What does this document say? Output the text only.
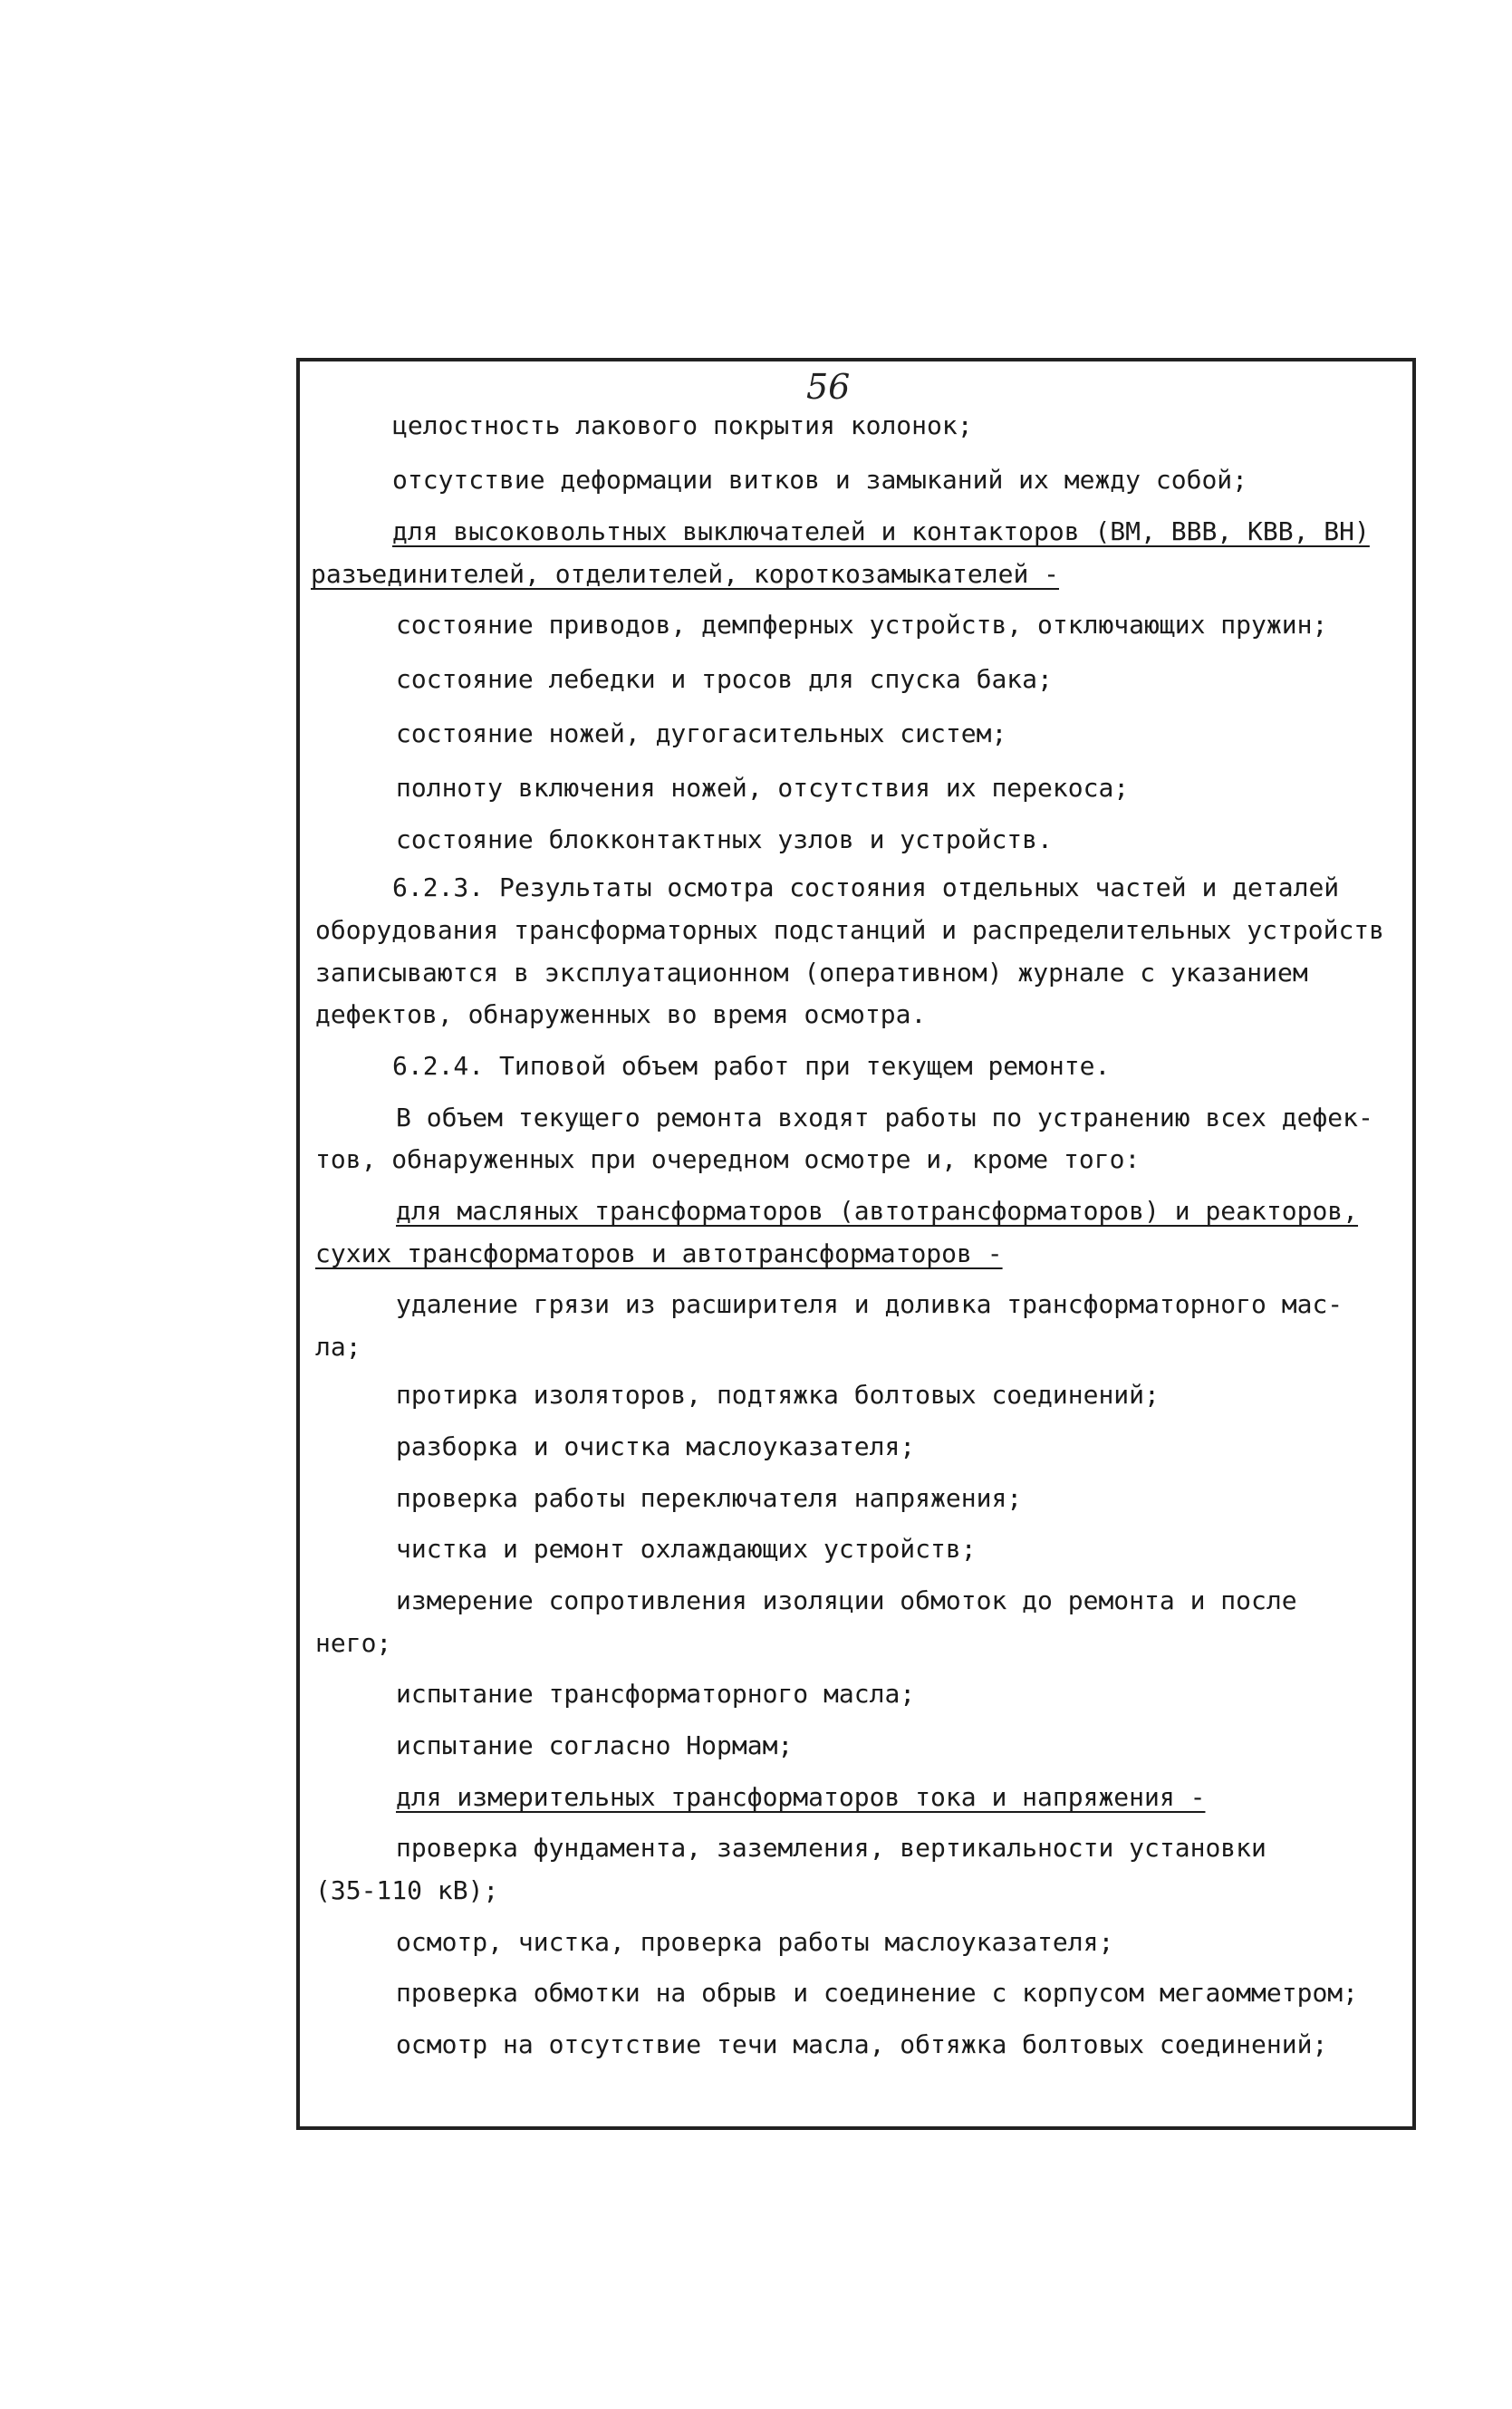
56
целостность лакового покрытия колонок;
отсутствие деформации витков и замыканий их между собой;
для высоковольтных выключателей и контакторов (ВМ, ВВВ, КВВ, ВН)
разъединителей, отделителей, короткозамыкателей -
состояние приводов, демпферных устройств, отключающих пружин;
состояние лебедки и тросов для спуска бака;
состояние ножей, дугогасительных систем;
полноту включения ножей, отсутствия их перекоса;
состояние блокконтактных узлов и устройств.
6.2.3. Результаты осмотра состояния отдельных частей и деталей
оборудования трансформаторных подстанций и распределительных устройств
записываются в эксплуатационном (оперативном) журнале с указанием
дефектов, обнаруженных во время осмотра.
6.2.4. Типовой объем работ при текущем ремонте.
В объем текущего ремонта входят работы по устранению всех дефек-
тов, обнаруженных при очередном осмотре и, кроме того:
для масляных трансформаторов (автотрансформаторов) и реакторов,
сухих трансформаторов и автотрансформаторов -
удаление грязи из расширителя и доливка трансформаторного мас-
ла;
протирка изоляторов, подтяжка болтовых соединений;
разборка и очистка маслоуказателя;
проверка работы переключателя напряжения;
чистка и ремонт охлаждающих устройств;
измерение сопротивления изоляции обмоток до ремонта и после
него;
испытание трансформаторного масла;
испытание согласно Нормам;
для измерительных трансформаторов тока и напряжения -
проверка фундамента, заземления, вертикальности установки
(35-110 кВ);
осмотр, чистка, проверка работы маслоуказателя;
проверка обмотки на обрыв и соединение с корпусом мегаомметром;
осмотр на отсутствие течи масла, обтяжка болтовых соединений;
